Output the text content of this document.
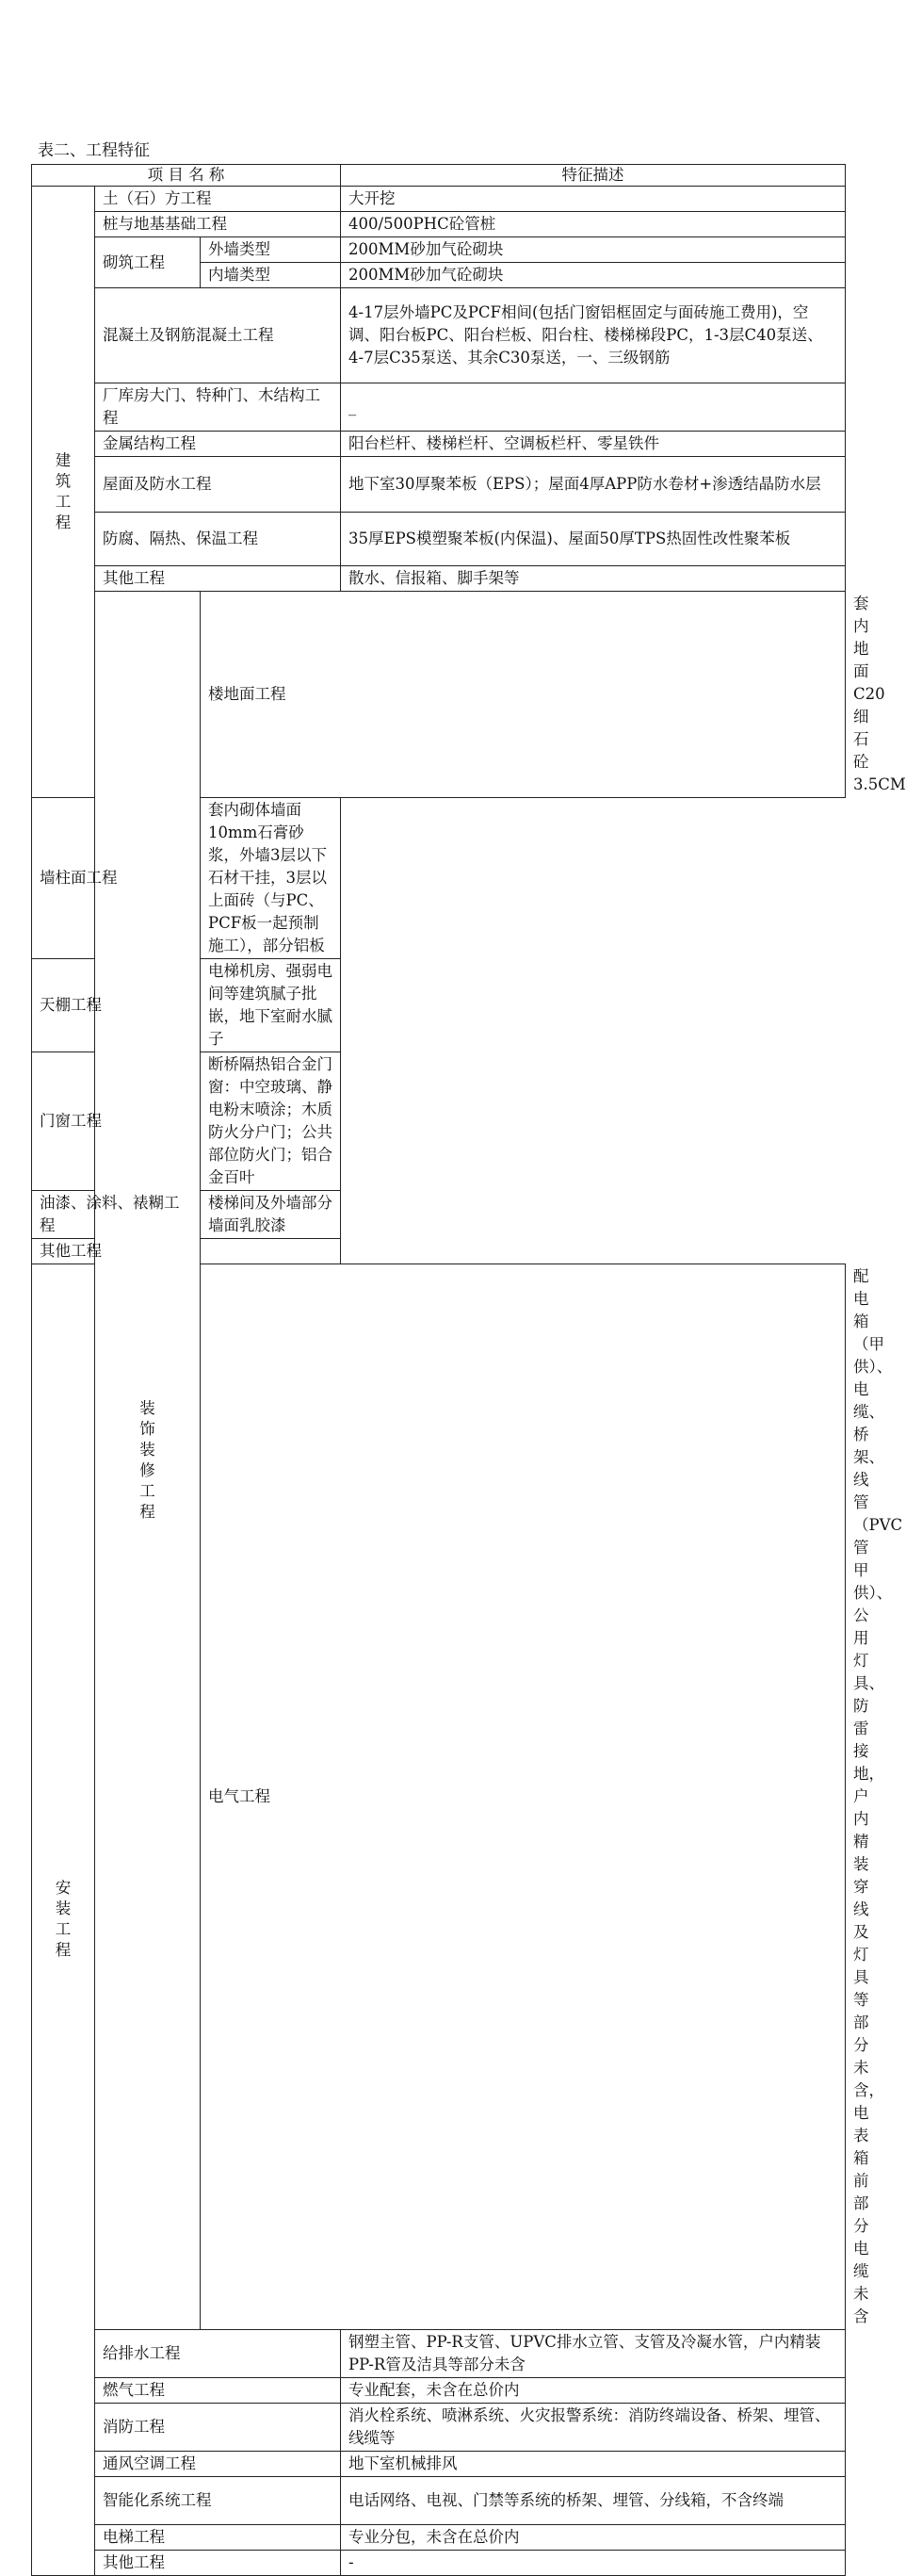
表二、工程特征
项 目 名 称			特征描述	
建筑工程	土（石）方工程		大开挖	
	桩与地基基础工程		400/500PHC砼管桩	
	砌筑工程	外墙类型	200MM砂加气砼砌块	
		内墙类型	200MM砂加气砼砌块	
	混凝土及钢筋混凝土工程		4-17层外墙PC及PCF相间(包括门窗铝框固定与面砖施工费用)，空调、阳台板PC、阳台栏板、阳台柱、楼梯梯段PC，1-3层C40泵送、4-7层C35泵送、其余C30泵送，一、三级钢筋	
	厂库房大门、特种门、木结构工程		_	
	金属结构工程		阳台栏杆、楼梯栏杆、空调板栏杆、零星铁件	
	屋面及防水工程		地下室30厚聚苯板（EPS）；屋面4厚APP防水卷材+渗透结晶防水层	
	防腐、隔热、保温工程		35厚EPS模塑聚苯板(内保温)、屋面50厚TPS热固性改性聚苯板	
	其他工程		散水、信报箱、脚手架等	
	装饰装修工程	楼地面工程		套内地面C20细石砼3.5CM
墙柱面工程		套内砌体墙面10mm石膏砂浆，外墙3层以下石材干挂，3层以上面砖（与PC、PCF板一起预制施工），部分铝板		
天棚工程		电梯机房、强弱电间等建筑腻子批嵌，地下室耐水腻子		
门窗工程		断桥隔热铝合金门窗：中空玻璃、静电粉末喷涂；木质防火分户门；公共部位防火门；铝合金百叶		
油漆、涂料、裱糊工程		楼梯间及外墙部分墙面乳胶漆		
其他工程				
安装工程		电气工程		配电箱（甲供）、电缆、桥架、线管（PVC管甲供）、公用灯具、防雷接地，户内精装穿线及灯具等部分未含，电表箱前部分电缆未含
	给排水工程		钢塑主管、PP-R支管、UPVC排水立管、支管及冷凝水管，户内精装PP-R管及洁具等部分未含	
	燃气工程		专业配套，未含在总价内	
	消防工程		消火栓系统、喷淋系统、火灾报警系统：消防终端设备、桥架、埋管、线缆等	
	通风空调工程		地下室机械排风	
	智能化系统工程		电话网络、电视、门禁等系统的桥架、埋管、分线箱，不含终端	
	电梯工程		专业分包，未含在总价内	
	其他工程		-	
